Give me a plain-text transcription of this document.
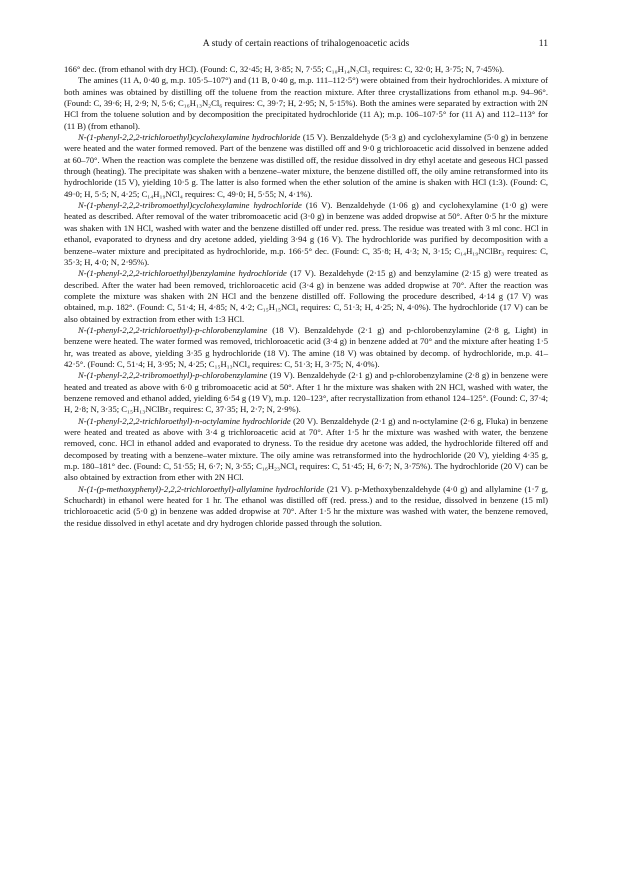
A study of certain reactions of trihalogenoacetic acids	11

166° dec. (from ethanol with dry HCl). (Found: C, 32·45; H, 3·85; N, 7·55; C₁₀H₁₄N₃Cl₃ requires: C, 32·0; H, 3·75; N, 7·45%).

The amines (11 A, 0·40 g, m.p. 105·5–107°) and (11 B, 0·40 g, m.p. 111–112·5°) were obtained from their hydrochlorides. A mixture of both amines was obtained by distilling off the toluene from the reaction mixture. After three crystallizations from ethanol m.p. 94–96°. (Found: C, 39·6; H, 2·9; N, 5·6; C₁₆H₁₃N₂Cl₆ requires: C, 39·7; H, 2·95; N, 5·15%). Both the amines were separated by extraction with 2N HCl from the toluene solution and by decomposition the precipitated hydrochloride (11 A); m.p. 106–107·5° for (11 A) and 112–113° for (11 B) (from ethanol).

N-(1-phenyl-2,2,2-trichloroethyl)cyclohexylamine hydrochloride (15 V). Benzaldehyde (5·3 g) and cyclohexylamine (5·0 g) in benzene were heated and the water formed removed. Part of the benzene was distilled off and 9·0 g trichloroacetic acid dissolved in benzene added at 60–70°. When the reaction was complete the benzene was distilled off, the residue dissolved in dry ethyl acetate and geseous HCl passed through (heating). The precipitate was shaken with a benzene–water mixture, the benzene distilled off, the oily amine retransformed into its hydrochloride (15 V), yielding 10·5 g. The latter is also formed when the ether solution of the amine is shaken with HCl (1:3). (Found: C, 49·0; H, 5·5; N, 4·25; C₁₄H₁₉NCl₄ requires: C, 49·0; H, 5·55; N, 4·1%).

N-(1-phenyl-2,2,2-tribromoethyl)cyclohexylamine hydrochloride (16 V). Benzaldehyde (1·06 g) and cyclohexylamine (1·0 g) were heated as described. After removal of the water tribromoacetic acid (3·0 g) in benzene was added dropwise at 50°. After 0·5 hr the mixture was shaken with 1N HCl, washed with water and the benzene distilled off under red. press. The residue was treated with 3 ml conc. HCl in ethanol, evaporated to dryness and dry acetone added, yielding 3·94 g (16 V). The hydrochloride was purified by decomposition with a benzene–water mixture and precipitated as hydrochloride, m.p. 166·5° dec. (Found: C, 35·8; H, 4·3; N, 3·15; C₁₄H₁₉NClBr₃ requires: C, 35·3; H, 4·0; N, 2·95%).

N-(1-phenyl-2,2,2-trichloroethyl)benzylamine hydrochloride (17 V). Bezaldehyde (2·15 g) and benzylamine (2·15 g) were treated as described. After the water had been removed, trichloroacetic acid (3·4 g) in benzene was added dropwise at 70°. After the reaction was complete the mixture was shaken with 2N HCl and the benzene distilled off. Following the procedure described, 4·14 g (17 V) was obtained, m.p. 182°. (Found: C, 51·4; H, 4·85; N, 4·2; C₁₅H₁₅NCl₄ requires: C, 51·3; H, 4·25; N, 4·0%). The hydrochloride (17 V) can be also obtained by extraction from ether with 1:3 HCl.

N-(1-phenyl-2,2,2-trichloroethyl)-p-chlorobenzylamine (18 V). Benzaldehyde (2·1 g) and p-chlorobenzylamine (2·8 g, Light) in benzene were heated. The water formed was removed, trichloroacetic acid (3·4 g) in benzene added at 70° and the mixture after heating 1·5 hr, was treated as above, yielding 3·35 g hydrochloride (18 V). The amine (18 V) was obtained by decomp. of hydrochloride, m.p. 41–42·5°. (Found: C, 51·4; H, 3·95; N, 4·25; C₁₅H₁₃NCl₄ requires: C, 51·3; H, 3·75; N, 4·0%).

N-(1-phenyl-2,2,2-tribromoethyl)-p-chlorobenzylamine (19 V). Benzaldehyde (2·1 g) and p-chlorobenzylamine (2·8 g) in benzene were heated and treated as above with 6·0 g tribromoacetic acid at 50°. After 1 hr the mixture was shaken with 2N HCl, washed with water, the benzene removed and ethanol added, yielding 6·54 g (19 V), m.p. 120–123°, after recrystallization from ethanol 124–125°. (Found: C, 37·4; H, 2·8; N, 3·35; C₁₅H₁₃NClBr₃ requires: C, 37·35; H, 2·7; N, 2·9%).

N-(1-phenyl-2,2,2-trichloroethyl)-n-octylamine hydrochloride (20 V). Benzaldehyde (2·1 g) and n-octylamine (2·6 g, Fluka) in benzene were heated and treated as above with 3·4 g trichloroacetic acid at 70°. After 1·5 hr the mixture was washed with water, the benzene removed, conc. HCl in ethanol added and evaporated to dryness. To the residue dry acetone was added, the hydrochloride filtered off and decomposed by treating with a benzene–water mixture. The oily amine was retransformed into the hydrochloride (20 V), yielding 4·35 g, m.p. 180–181° dec. (Found: C, 51·55; H, 6·7; N, 3·55; C₁₆H₂₃NCl₄ requires: C, 51·45; H, 6·7; N, 3·75%). The hydrochloride (20 V) can be also obtained by extraction from ether with 2N HCl.

N-(1-(p-methoxyphenyl)-2,2,2-trichloroethyl)-allylamine hydrochloride (21 V). p-Methoxybenzaldehyde (4·0 g) and allylamine (1·7 g, Schuchardt) in ethanol were heated for 1 hr. The ethanol was distilled off (red. press.) and to the residue, dissolved in benzene (15 ml) trichloroacetic acid (5·0 g) in benzene was added dropwise at 70°. After 1·5 hr the mixture was washed with water, the benzene removed, the residue dissolved in ethyl acetate and dry hydrogen chloride passed through the solution.
